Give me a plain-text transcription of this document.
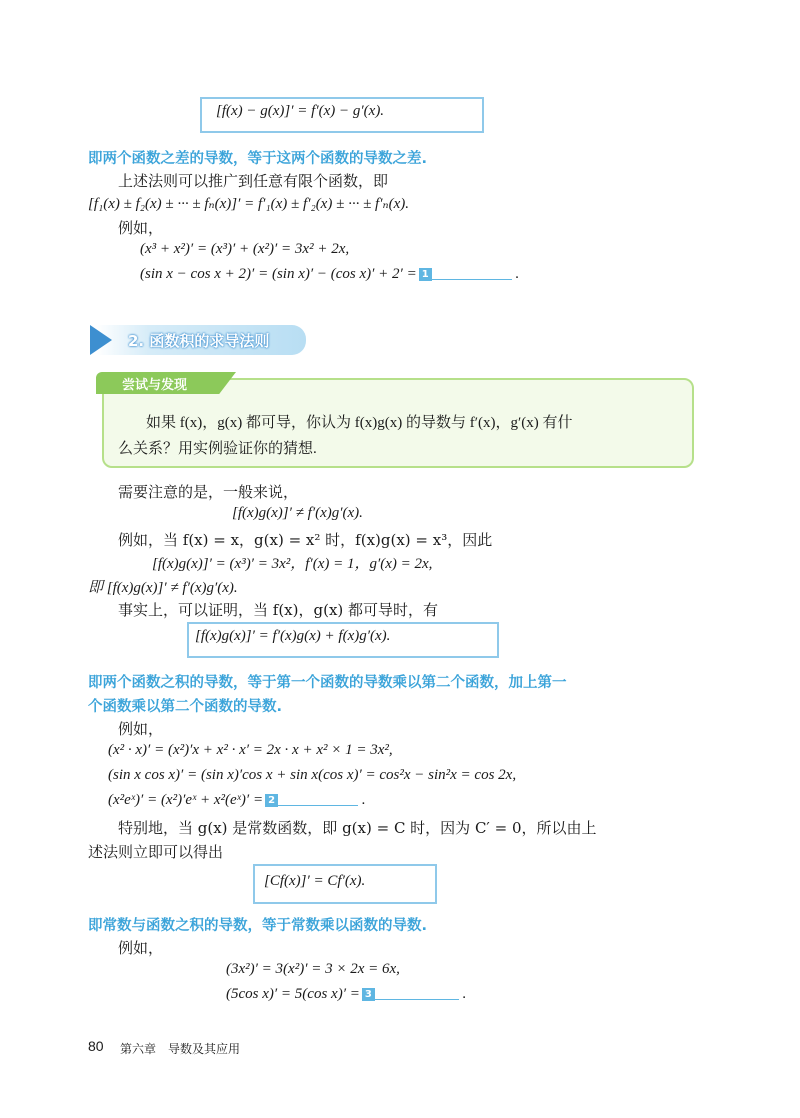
[f(x) − g(x)]′ = f′(x) − g′(x).
即两个函数之差的导数，等于这两个函数的导数之差.
上述法则可以推广到任意有限个函数，即
[f₁(x) ± f₂(x) ± ··· ± fₙ(x)]′ = f′₁(x) ± f′₂(x) ± ··· ± f′ₙ(x).
例如，
(x³ + x²)′ = (x³)′ + (x²)′ = 3x² + 2x,
(sin x − cos x + 2)′ = (sin x)′ − (cos x)′ + 2′ = 1	.
2. 函数积的求导法则
尝试与发现
如果 f(x)，g(x) 都可导，你认为 f(x)g(x) 的导数与 f′(x)，g′(x) 有什
么关系？用实例验证你的猜想.
需要注意的是，一般来说，
[f(x)g(x)]′ ≠ f′(x)g′(x).
例如，当 f(x) = x，g(x) = x² 时，f(x)g(x) = x³，因此
[f(x)g(x)]′ = (x³)′ = 3x²，f′(x) = 1，g′(x) = 2x,
即 [f(x)g(x)]′ ≠ f′(x)g′(x).
事实上，可以证明，当 f(x)，g(x) 都可导时，有
[f(x)g(x)]′ = f′(x)g(x) + f(x)g′(x).
即两个函数之积的导数，等于第一个函数的导数乘以第二个函数，加上第一
个函数乘以第二个函数的导数.
例如，
(x² · x)′ = (x²)′x + x² · x′ = 2x · x + x² × 1 = 3x²,
(sin x cos x)′ = (sin x)′cos x + sin x(cos x)′ = cos²x − sin²x = cos 2x,
(x²eˣ)′ = (x²)′eˣ + x²(eˣ)′ = 2	.
特别地，当 g(x) 是常数函数，即 g(x) = C 时，因为 C′ = 0，所以由上
述法则立即可以得出
[Cf(x)]′ = Cf′(x).
即常数与函数之积的导数，等于常数乘以函数的导数.
例如，
(3x²)′ = 3(x²)′ = 3 × 2x = 6x,
(5cos x)′ = 5(cos x)′ = 3	.
80 第六章　导数及其应用
